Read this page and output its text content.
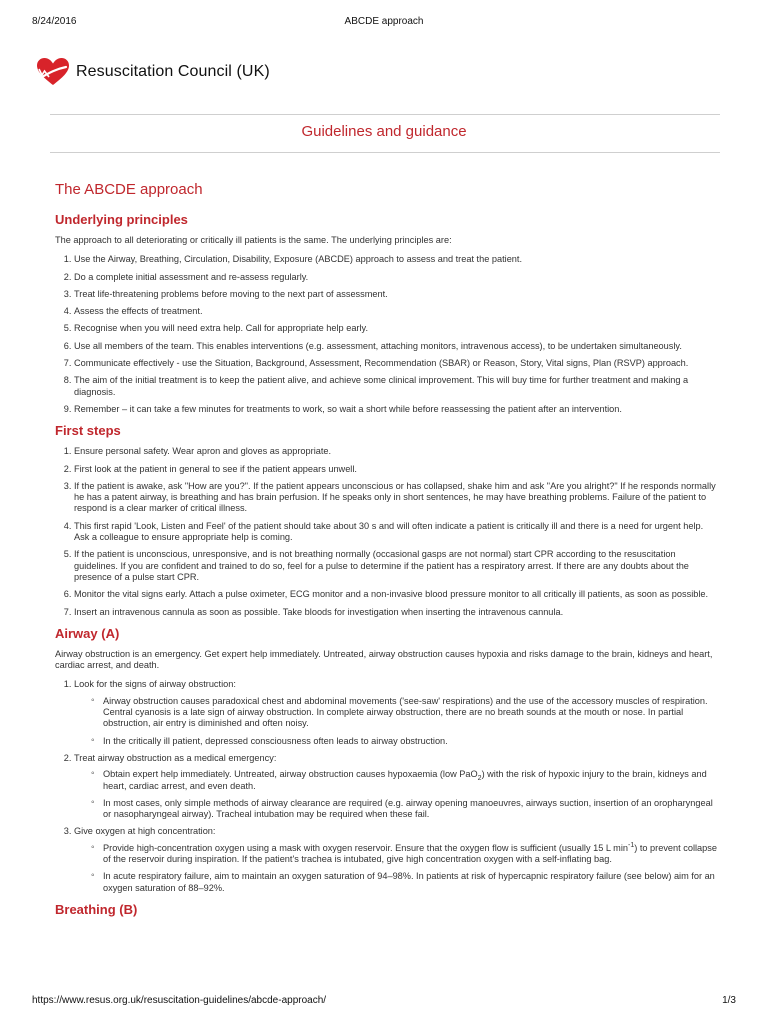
8/24/2016	ABCDE approach
Resuscitation Council (UK)
Guidelines and guidance
The ABCDE approach
Underlying principles

The approach to all deteriorating or critically ill patients is the same. The underlying principles are:

1. Use the Airway, Breathing, Circulation, Disability, Exposure (ABCDE) approach to assess and treat the patient.
2. Do a complete initial assessment and re-assess regularly.
3. Treat life-threatening problems before moving to the next part of assessment.
4. Assess the effects of treatment.
5. Recognise when you will need extra help. Call for appropriate help early.
6. Use all members of the team. This enables interventions (e.g. assessment, attaching monitors, intravenous access), to be undertaken simultaneously.
7. Communicate effectively - use the Situation, Background, Assessment, Recommendation (SBAR) or Reason, Story, Vital signs, Plan (RSVP) approach.
8. The aim of the initial treatment is to keep the patient alive, and achieve some clinical improvement. This will buy time for further treatment and making a diagnosis.
9. Remember – it can take a few minutes for treatments to work, so wait a short while before reassessing the patient after an intervention.
First steps
1. Ensure personal safety. Wear apron and gloves as appropriate.
2. First look at the patient in general to see if the patient appears unwell.
3. If the patient is awake, ask "How are you?". If the patient appears unconscious or has collapsed, shake him and ask "Are you alright?" If he responds normally he has a patent airway, is breathing and has brain perfusion. If he speaks only in short sentences, he may have breathing problems. Failure of the patient to respond is a clear marker of critical illness.
4. This first rapid 'Look, Listen and Feel' of the patient should take about 30 s and will often indicate a patient is critically ill and there is a need for urgent help. Ask a colleague to ensure appropriate help is coming.
5. If the patient is unconscious, unresponsive, and is not breathing normally (occasional gasps are not normal) start CPR according to the resuscitation guidelines. If you are confident and trained to do so, feel for a pulse to determine if the patient has a respiratory arrest. If there are any doubts about the presence of a pulse start CPR.
6. Monitor the vital signs early. Attach a pulse oximeter, ECG monitor and a non-invasive blood pressure monitor to all critically ill patients, as soon as possible.
7. Insert an intravenous cannula as soon as possible. Take bloods for investigation when inserting the intravenous cannula.
Airway (A)

Airway obstruction is an emergency. Get expert help immediately. Untreated, airway obstruction causes hypoxia and risks damage to the brain, kidneys and heart, cardiac arrest, and death.

1. Look for the signs of airway obstruction:
◦ Airway obstruction causes paradoxical chest and abdominal movements ('see-saw' respirations) and the use of the accessory muscles of respiration. Central cyanosis is a late sign of airway obstruction. In complete airway obstruction, there are no breath sounds at the mouth or nose. In partial obstruction, air entry is diminished and often noisy.
◦ In the critically ill patient, depressed consciousness often leads to airway obstruction.
2. Treat airway obstruction as a medical emergency:
◦ Obtain expert help immediately. Untreated, airway obstruction causes hypoxaemia (low PaO$_2$) with the risk of hypoxic injury to the brain, kidneys and heart, cardiac arrest, and even death.
◦ In most cases, only simple methods of airway clearance are required (e.g. airway opening manoeuvres, airways suction, insertion of an oropharyngeal or nasopharyngeal airway). Tracheal intubation may be required when these fail.
3. Give oxygen at high concentration:
◦ Provide high-concentration oxygen using a mask with oxygen reservoir. Ensure that the oxygen flow is sufficient (usually 15 L $\min^{-1}$) to prevent collapse of the reservoir during inspiration. If the patient's trachea is intubated, give high concentration oxygen with a self-inflating bag.
◦ In acute respiratory failure, aim to maintain an oxygen saturation of 94–98%. In patients at risk of hypercapnic respiratory failure (see below) aim for an oxygen saturation of 88–92%.
Breathing (B)
https://www.resus.org.uk/resuscitation-guidelines/abcde-approach/	1/3
